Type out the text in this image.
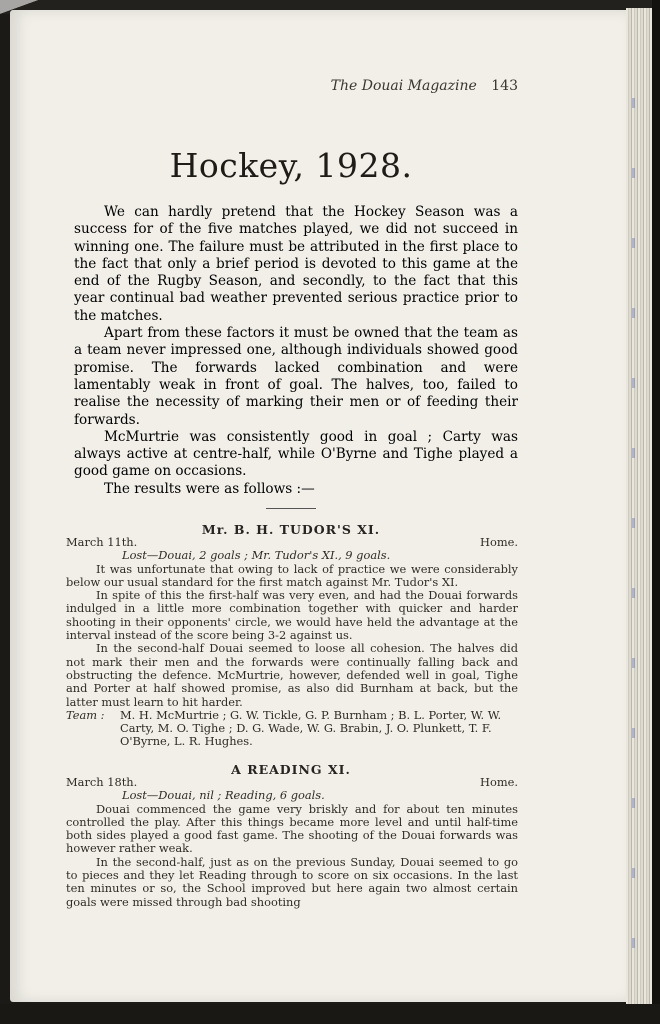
The Douai Magazine 143
Hockey, 1928.

We can hardly pretend that the Hockey Season was a success for of the five matches played, we did not succeed in winning one. The failure must be attributed in the first place to the fact that only a brief period is devoted to this game at the end of the Rugby Season, and secondly, to the fact that this year continual bad weather prevented serious practice prior to the matches.

Apart from these factors it must be owned that the team as a team never impressed one, although individuals showed good promise. The forwards lacked combination and were lamentably weak in front of goal. The halves, too, failed to realise the necessity of marking their men or of feeding their forwards.

McMurtrie was consistently good in goal ; Carty was always active at centre-half, while O'Byrne and Tighe played a good game on occasions.

The results were as follows :—

Mr. B. H. TUDOR'S XI.
March 11th.	Home.
Lost—Douai, 2 goals ; Mr. Tudor's XI., 9 goals.

It was unfortunate that owing to lack of practice we were considerably below our usual standard for the first match against Mr. Tudor's XI.

In spite of this the first-half was very even, and had the Douai forwards indulged in a little more combination together with quicker and harder shooting in their opponents' circle, we would have held the advantage at the interval instead of the score being 3-2 against us.

In the second-half Douai seemed to loose all cohesion. The halves did not mark their men and the forwards were continually falling back and obstructing the defence. McMurtrie, however, defended well in goal, Tighe and Porter at half showed promise, as also did Burnham at back, but the latter must learn to hit harder.

Team :	M. H. McMurtrie ; G. W. Tickle, G. P. Burnham ; B. L. Porter, W. W. Carty, M. O. Tighe ; D. G. Wade, W. G. Brabin, J. O. Plunkett, T. F. O'Byrne, L. R. Hughes.
A READING XI.
March 18th.	Home.
Lost—Douai, nil ; Reading, 6 goals.

Douai commenced the game very briskly and for about ten minutes controlled the play. After this things became more level and until half-time both sides played a good fast game. The shooting of the Douai forwards was however rather weak.

In the second-half, just as on the previous Sunday, Douai seemed to go to pieces and they let Reading through to score on six occasions. In the last ten minutes or so, the School improved but here again two almost certain goals were missed through bad shooting
